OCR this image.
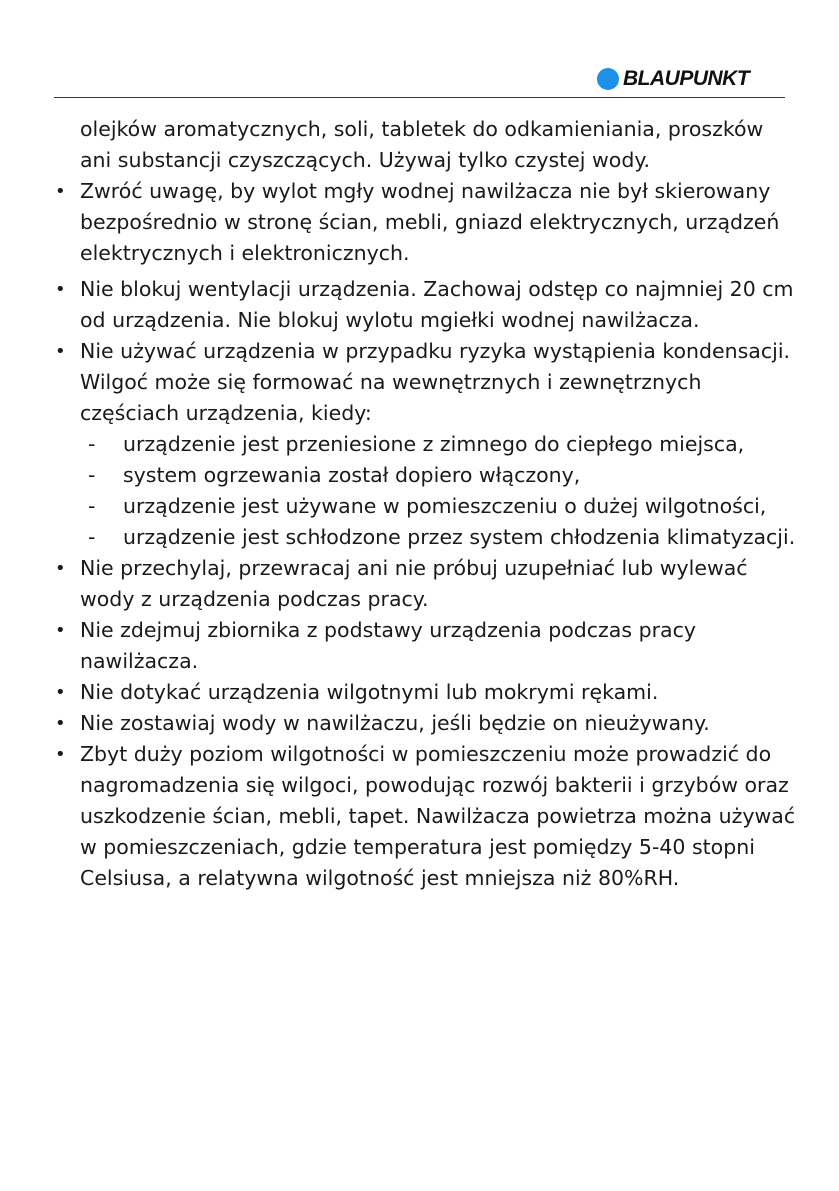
BLAUPUNKT

olejków aromatycznych, soli, tabletek do odkamieniania, proszków ani substancji czyszczących. Używaj tylko czystej wody.

• Zwróć uwagę, by wylot mgły wodnej nawilżacza nie był skierowany bezpośrednio w stronę ścian, mebli, gniazd elektrycznych, urządzeń elektrycznych i elektronicznych.
• Nie blokuj wentylacji urządzenia. Zachowaj odstęp co najmniej 20 cm od urządzenia. Nie blokuj wylotu mgiełki wodnej nawilżacza.
• Nie używać urządzenia w przypadku ryzyka wystąpienia kondensacji. Wilgoć może się formować na wewnętrznych i zewnętrznych częściach urządzenia, kiedy:
- urządzenie jest przeniesione z zimnego do ciepłego miejsca,
- system ogrzewania został dopiero włączony,
- urządzenie jest używane w pomieszczeniu o dużej wilgotności,
- urządzenie jest schłodzone przez system chłodzenia klimatyzacji.
• Nie przechylaj, przewracaj ani nie próbuj uzupełniać lub wylewać wody z urządzenia podczas pracy.
• Nie zdejmuj zbiornika z podstawy urządzenia podczas pracy nawilżacza.
• Nie dotykać urządzenia wilgotnymi lub mokrymi rękami.
• Nie zostawiaj wody w nawilżaczu, jeśli będzie on nieużywany.
• Zbyt duży poziom wilgotności w pomieszczeniu może prowadzić do nagromadzenia się wilgoci, powodując rozwój bakterii i grzybów oraz uszkodzenie ścian, mebli, tapet. Nawilżacza powietrza można używać w pomieszczeniach, gdzie temperatura jest pomiędzy 5-40 stopni Celsiusa, a relatywna wilgotność jest mniejsza niż 80%RH.
